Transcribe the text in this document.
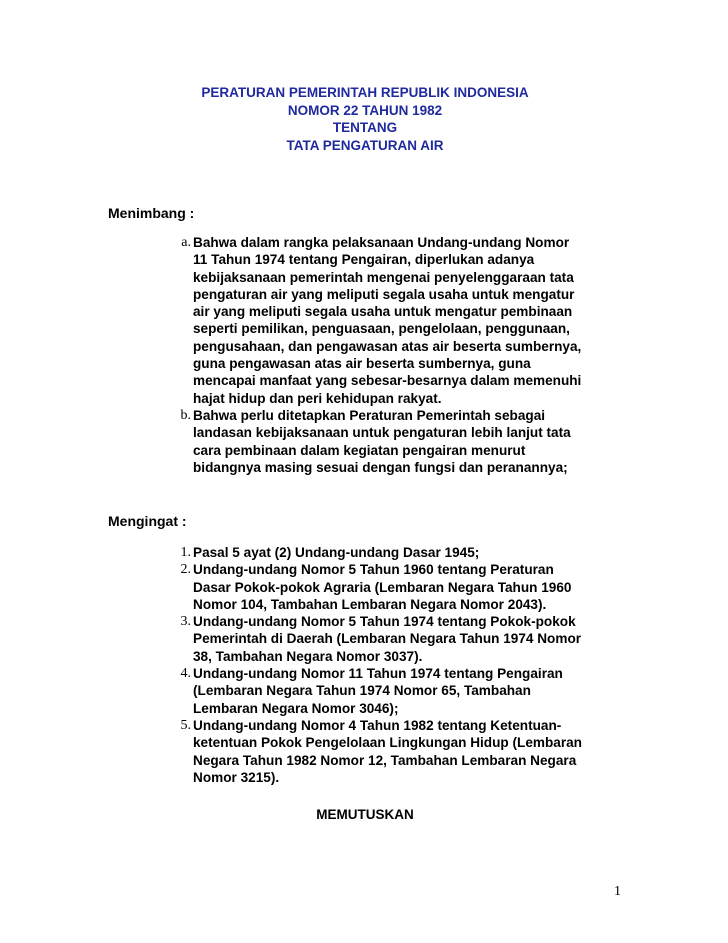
PERATURAN PEMERINTAH REPUBLIK INDONESIA
NOMOR 22 TAHUN 1982
TENTANG
TATA PENGATURAN AIR
Menimbang :
a. Bahwa dalam rangka pelaksanaan Undang-undang Nomor 11 Tahun 1974 tentang Pengairan, diperlukan adanya kebijaksanaan pemerintah mengenai penyelenggaraan tata pengaturan air yang meliputi segala usaha untuk mengatur air yang meliputi segala usaha untuk mengatur pembinaan seperti pemilikan, penguasaan, pengelolaan, penggunaan, pengusahaan, dan pengawasan atas air beserta sumbernya, guna pengawasan atas air beserta sumbernya, guna mencapai manfaat yang sebesar-besarnya dalam memenuhi hajat hidup dan peri kehidupan rakyat.
b. Bahwa perlu ditetapkan Peraturan Pemerintah sebagai landasan kebijaksanaan untuk pengaturan lebih lanjut tata cara pembinaan dalam kegiatan pengairan menurut bidangnya masing sesuai dengan fungsi dan peranannya;
Mengingat :
1. Pasal 5 ayat (2) Undang-undang Dasar 1945;
2. Undang-undang Nomor 5 Tahun 1960 tentang Peraturan Dasar Pokok-pokok Agraria (Lembaran Negara Tahun 1960 Nomor 104, Tambahan Lembaran Negara Nomor 2043).
3. Undang-undang Nomor 5 Tahun 1974 tentang Pokok-pokok Pemerintah di Daerah (Lembaran Negara Tahun 1974 Nomor 38, Tambahan Negara Nomor 3037).
4. Undang-undang Nomor 11 Tahun 1974 tentang Pengairan (Lembaran Negara Tahun 1974 Nomor 65, Tambahan Lembaran Negara Nomor 3046);
5. Undang-undang Nomor 4 Tahun 1982 tentang Ketentuan-ketentuan Pokok Pengelolaan Lingkungan Hidup (Lembaran Negara Tahun 1982 Nomor 12, Tambahan Lembaran Negara Nomor 3215).
MEMUTUSKAN
1
